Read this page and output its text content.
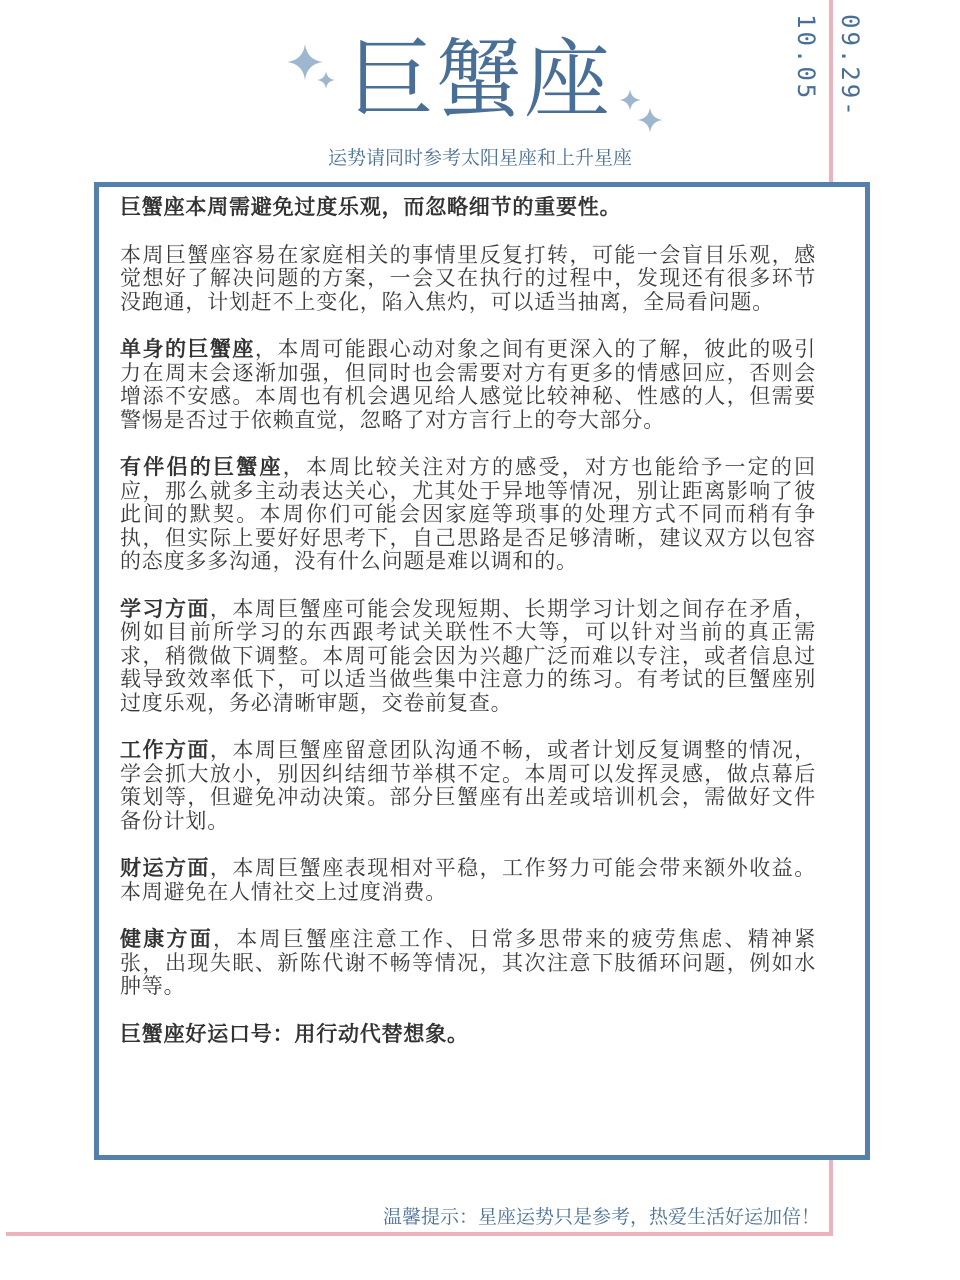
09.29-10.05
巨蟹座
运势请同时参考太阳星座和上升星座

巨蟹座本周需避免过度乐观，而忽略细节的重要性。

本周巨蟹座容易在家庭相关的事情里反复打转，可能一会盲目乐观，感觉想好了解决问题的方案，一会又在执行的过程中，发现还有很多环节没跑通，计划赶不上变化，陷入焦灼，可以适当抽离，全局看问题。

单身的巨蟹座，本周可能跟心动对象之间有更深入的了解，彼此的吸引力在周末会逐渐加强，但同时也会需要对方有更多的情感回应，否则会增添不安感。本周也有机会遇见给人感觉比较神秘、性感的人，但需要警惕是否过于依赖直觉，忽略了对方言行上的夸大部分。

有伴侣的巨蟹座，本周比较关注对方的感受，对方也能给予一定的回应，那么就多主动表达关心，尤其处于异地等情况，别让距离影响了彼此间的默契。本周你们可能会因家庭等琐事的处理方式不同而稍有争执，但实际上要好好思考下，自己思路是否足够清晰，建议双方以包容的态度多多沟通，没有什么问题是难以调和的。

学习方面，本周巨蟹座可能会发现短期、长期学习计划之间存在矛盾，例如目前所学习的东西跟考试关联性不大等，可以针对当前的真正需求，稍微做下调整。本周可能会因为兴趣广泛而难以专注，或者信息过载导致效率低下，可以适当做些集中注意力的练习。有考试的巨蟹座别过度乐观，务必清晰审题，交卷前复查。

工作方面，本周巨蟹座留意团队沟通不畅，或者计划反复调整的情况，学会抓大放小，别因纠结细节举棋不定。本周可以发挥灵感，做点幕后策划等，但避免冲动决策。部分巨蟹座有出差或培训机会，需做好文件备份计划。

财运方面，本周巨蟹座表现相对平稳，工作努力可能会带来额外收益。本周避免在人情社交上过度消费。

健康方面，本周巨蟹座注意工作、日常多思带来的疲劳焦虑、精神紧张，出现失眠、新陈代谢不畅等情况，其次注意下肢循环问题，例如水肿等。

巨蟹座好运口号：用行动代替想象。

温馨提示：星座运势只是参考，热爱生活好运加倍！
